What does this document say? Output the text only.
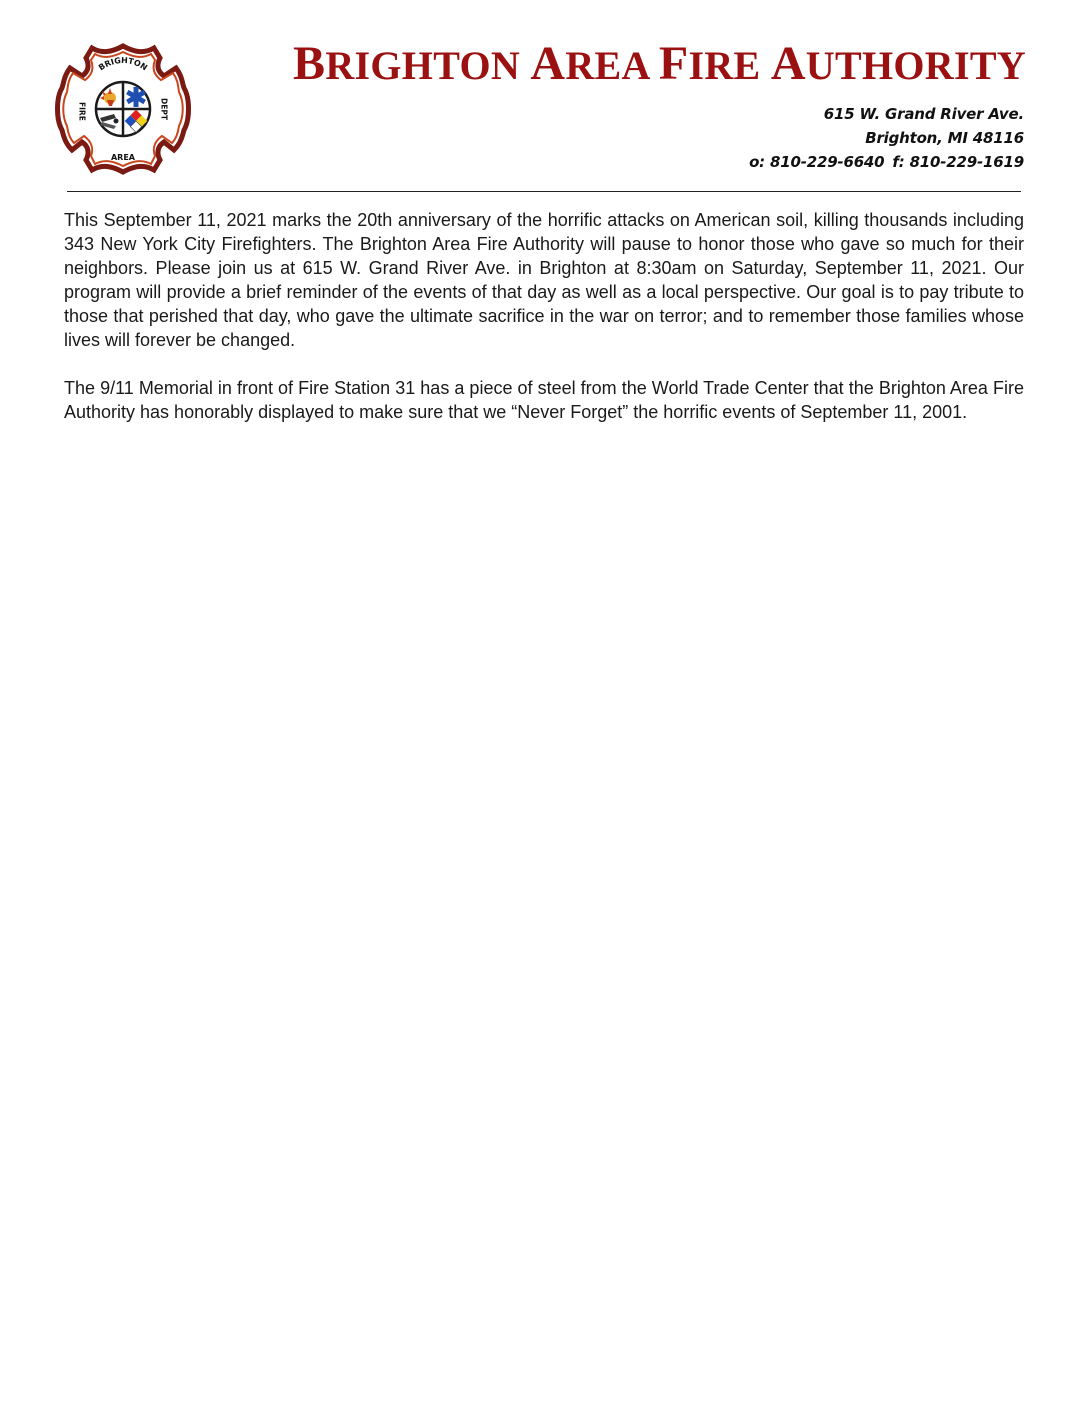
BRIGHTON
AREA
FIRE	DEPT
BRIGHTON AREA FIRE AUTHORITY
615 W. Grand River Ave.
Brighton, MI 48116
o: 810-229-6640 f: 810-229-1619

This September 11, 2021 marks the 20th anniversary of the horrific attacks on American soil, killing thousands including 343 New York City Firefighters. The Brighton Area Fire Authority will pause to honor those who gave so much for their neighbors. Please join us at 615 W. Grand River Ave. in Brighton at 8:30am on Saturday, September 11, 2021. Our program will provide a brief reminder of the events of that day as well as a local perspective. Our goal is to pay tribute to those that perished that day, who gave the ultimate sacrifice in the war on terror; and to remember those families whose lives will forever be changed.

The 9/11 Memorial in front of Fire Station 31 has a piece of steel from the World Trade Center that the Brighton Area Fire Authority has honorably displayed to make sure that we “Never Forget” the horrific events of September 11, 2001.
